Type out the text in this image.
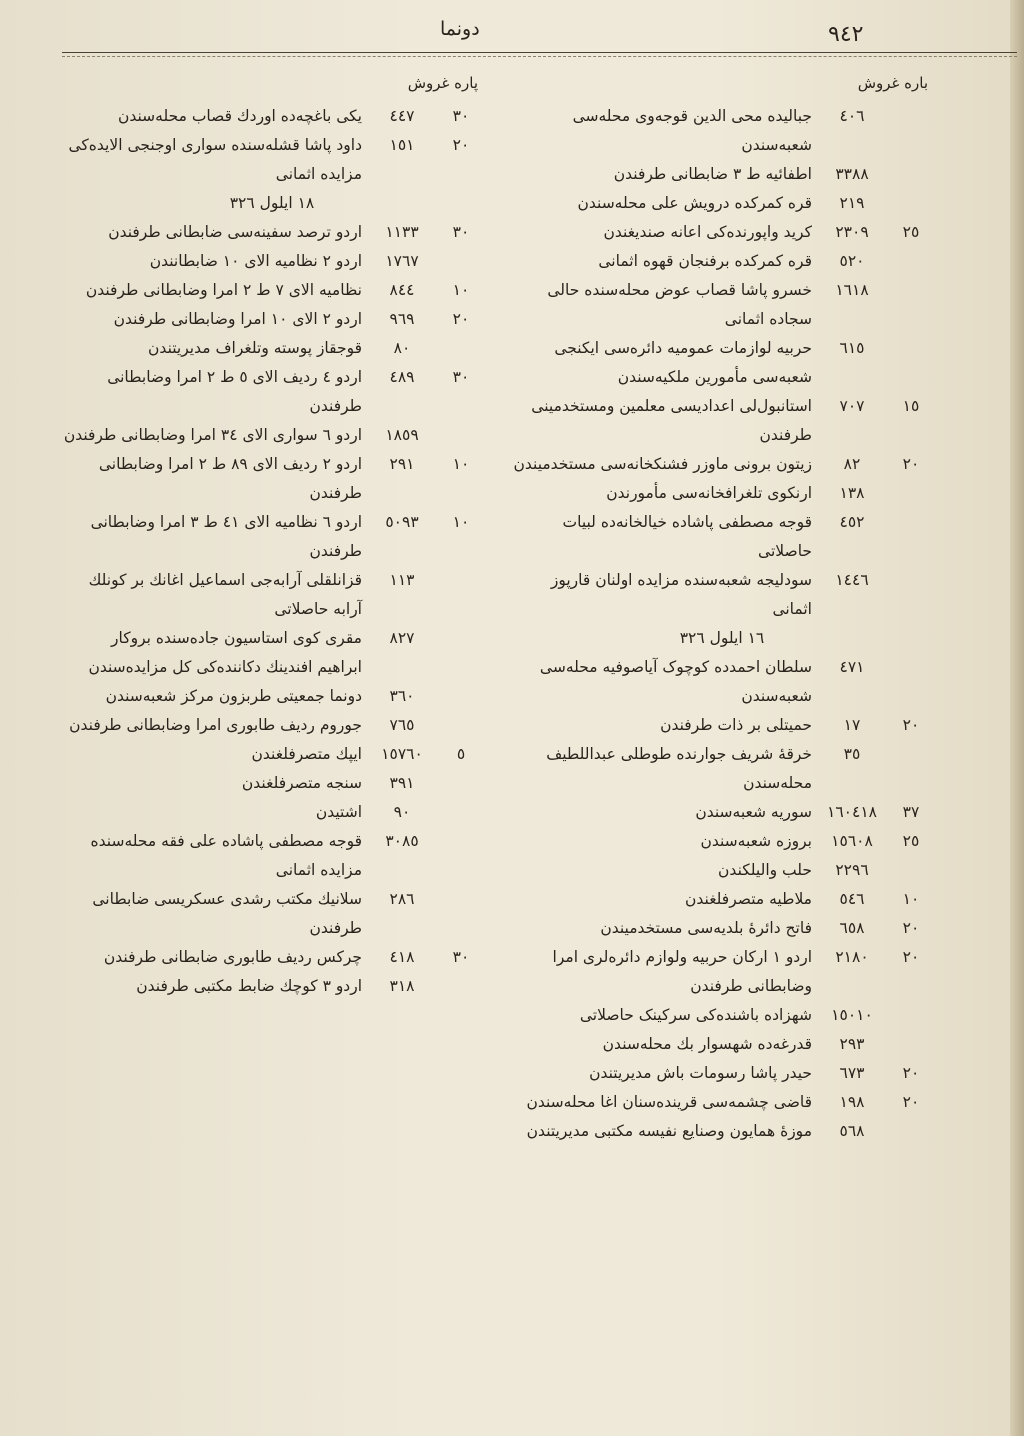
٩٤٢
دونما
باره غروش
٤٠٦
جبالیده محی الدین قوجه‌وی محله‌سی شعبه‌سندن
٣٣٨٨
اطفائیه ط ٣ ضابطانی طرفندن
٢١٩
قره کمرکده درویش علی محله‌سندن
٢٥
٢٣٠٩
کرید واپورنده‌کی اعانه صندیغندن
٥٢٠
قره کمرکده برفنجان قهوه اثمانی
١٦١٨
خسرو پاشا قصاب عوض محله‌سنده حالی سجاده اثمانی
٦١٥
حربیه لوازمات عمومیه دائره‌سی ایکنجی شعبه‌سی مأمورین ملکیه‌سندن
١٥
٧٠٧
استانبول‌لی اعدادیسی معلمین ومستخدمینی طرفندن
٢٠
٨٢
زیتون برونی ماوزر فشنکخانه‌سی مستخدمیندن
١٣٨
ارنکوی تلغرافخانه‌سی مأمورندن
٤٥٢
قوجه مصطفی پاشاده خیالخانه‌ده لبیات حاصلاتی
١٤٤٦
سودلیجه شعبه‌سنده مزایده اولنان قارپوز اثمانی
١٦ ایلول ٣٢٦
٤٧١
سلطان احمدده کوچوک آیاصوفیه محله‌سی شعبه‌سندن
٢٠
١٧
حمیتلی بر ذات طرفندن
٣٥
خرقهٔ شریف جوارنده طوطلی عبداللطیف محله‌سندن
٣٧
١٦٠٤١٨
سوریه شعبه‌سندن
٢٥
١٥٦٠٨
بروزه شعبه‌سندن
٢٢٩٦
حلب والیلکندن
١٠
٥٤٦
ملاطیه متصرفلغندن
٢٠
٦٥٨
فاتح دائرهٔ بلدیه‌سی مستخدمیندن
٢٠
٢١٨٠
اردو ١ ارکان حربیه ولوازم دائره‌لری امرا وضابطانی طرفندن
١٥٠١٠
شهزاده باشنده‌کی سرکینک حاصلاتی
٢٩٣
قدرغه‌ده شهسوار بك محله‌سندن
٢٠
٦٧٣
حیدر پاشا رسومات باش مدیریتندن
٢٠
١٩٨
قاضی چشمه‌سی قرینده‌سنان اغا محله‌سندن
٥٦٨
موزهٔ همایون وصنایع نفیسه مکتبی مدیریتندن
پاره غروش
٣٠
٤٤٧
یکی باغچه‌ده اوردك قصاب محله‌سندن
٢٠
١٥١
داود پاشا قشله‌سنده سواری اوجنجی الایده‌کی مزایده اثمانی
١٨ ایلول ٣٢٦
٣٠
١١٣٣
اردو ترصد سفینه‌سی ضابطانی طرفندن
١٧٦٧
اردو ٢ نظامیه الای ١٠ ضابطانندن
١٠
٨٤٤
نظامیه الای ٧ ط ٢ امرا وضابطانی طرفندن
٢٠
٩٦٩
اردو ٢ الای ١٠ امرا وضابطانی طرفندن
٨٠
قوجقاز پوسته وتلغراف مدیریتندن
٣٠
٤٨٩
اردو ٤ ردیف الای ٥ ط ٢ امرا وضابطانی طرفندن
١٨٥٩
اردو ٦ سواری الای ٣٤ امرا وضابطانی طرفندن
١٠
٢٩١
اردو ٢ ردیف الای ٨٩ ط ٢ امرا وضابطانی طرفندن
١٠
٥٠٩٣
اردو ٦ نظامیه الای ٤١ ط ٣ امرا وضابطانی طرفندن
١١٣
قزانلقلی آرابه‌جی اسماعیل اغانك بر کونلك آرابه حاصلاتی
٨٢٧
مقری کوی استاسیون جاده‌سنده بروکار ابراهیم افندینك دکاننده‌کی کل مزایده‌سندن
٣٦٠
دونما جمعیتی طربزون مرکز شعبه‌سندن
٧٦٥
جوروم ردیف طابوری امرا وضابطانی طرفندن
٥
١٥٧٦٠
ایپك متصرفلغندن
٣٩١
سنجه متصرفلغندن
٩٠
اشتیدن
٣٠٨٥
قوجه مصطفی پاشاده علی فقه محله‌سنده مزایده اثمانی
٢٨٦
سلانیك مکتب رشدی عسکریسی ضابطانی طرفندن
٣٠
٤١٨
چرکس ردیف طابوری ضابطانی طرفندن
٣١٨
اردو ٣ کوچك ضابط مکتبی طرفندن
